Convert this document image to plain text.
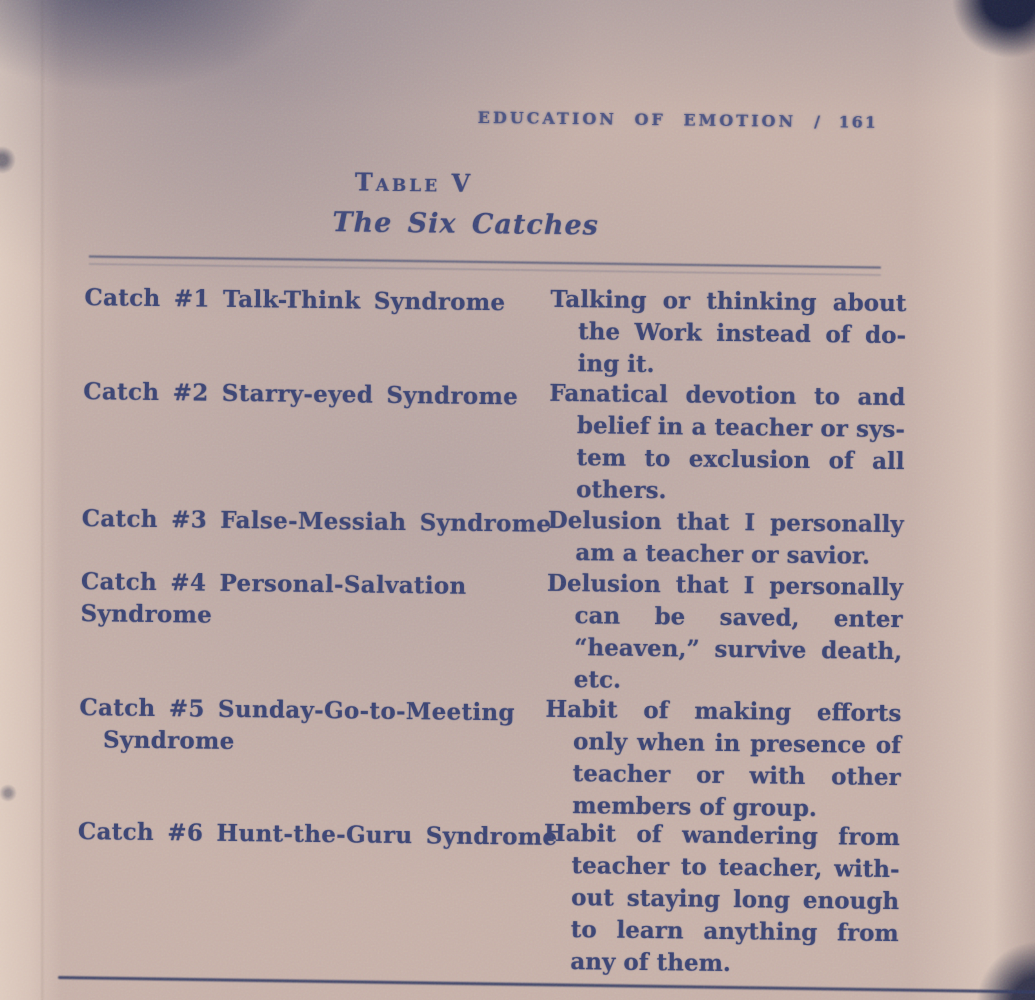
EDUCATION OF EMOTION / 161
Table V
The Six Catches
Catch #1 Talk-Think Syndrome	Talking or thinking about
the Work instead of do-
ing it.
Catch #2 Starry-eyed Syndrome	Fanatical devotion to and
belief in a teacher or sys-
tem to exclusion of all
others.
Catch #3 False-Messiah Syndrome
Delusion that I personally
am a teacher or savior.
Catch #4 Personal-Salvation Syndrome
Delusion that I personally
can be saved, enter
“heaven,” survive death,
etc.
Catch #5 Sunday-Go-to-Meeting
Syndrome
Habit of making efforts
only when in presence of
teacher or with other
members of group.
Catch #6 Hunt-the-Guru Syndrome
Habit of wandering from
teacher to teacher, with-
out staying long enough
to learn anything from
any of them.
